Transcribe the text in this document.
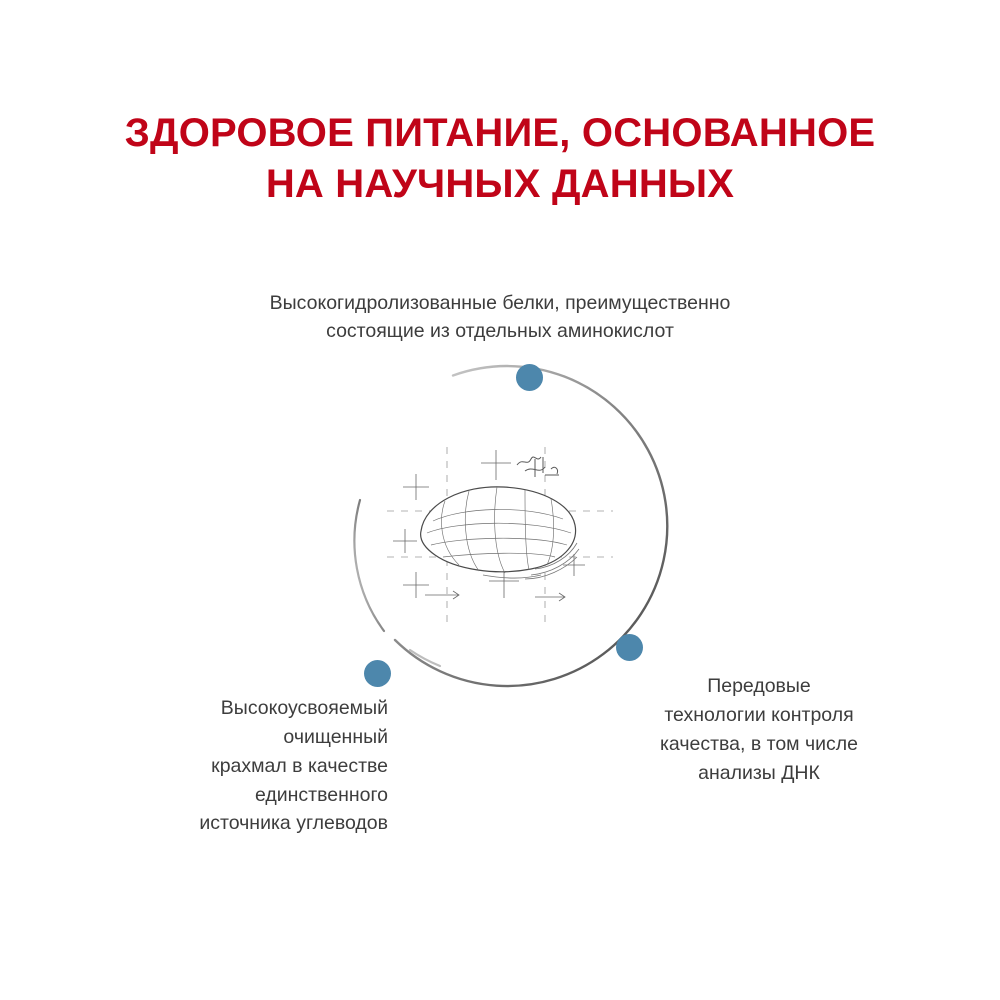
ЗДОРОВОЕ ПИТАНИЕ, ОСНОВАННОЕ
НА НАУЧНЫХ ДАННЫХ
Высокогидролизованные белки, преимущественно
состоящие из отдельных аминокислот
Высокоусвояемый
очищенный
крахмал в качестве
единственного
источника углеводов
Передовые
технологии контроля
качества, в том числе
анализы ДНК
